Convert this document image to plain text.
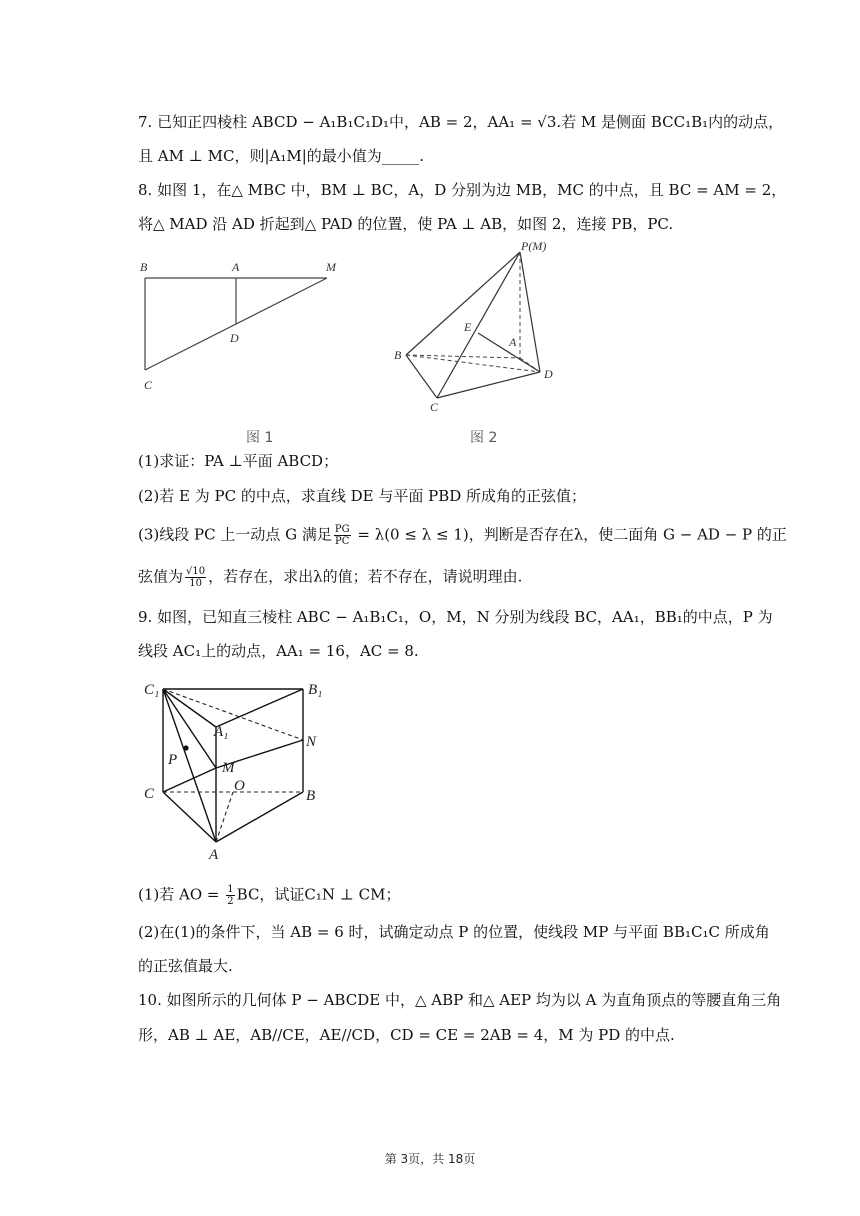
7. 已知正四棱柱 ABCD − A₁B₁C₁D₁中，AB = 2，AA₁ = √3.若 M 是侧面 BCC₁B₁内的动点，
且 AM ⊥ MC，则|A₁M|的最小值为_____.
8. 如图 1，在△ MBC 中，BM ⊥ BC，A，D 分别为边 MB，MC 的中点，且 BC = AM = 2，
将△ MAD 沿 AD 折起到△ PAD 的位置，使 PA ⊥ AB，如图 2，连接 PB，PC.
B	A	M
D
C
图 1
P(M)
E
A
B
D
C
图 2
(1)求证：PA ⊥平面 ABCD；
(2)若 E 为 PC 的中点，求直线 DE 与平面 PBD 所成角的正弦值；
(3)线段 PC 上一动点 G 满足 $\frac{PG}{PC} = \lambda(0 \le \lambda \le 1)$，判断是否存在λ，使二面角 G − AD − P 的正
弦值为 $\frac{√10}{10}$ ，若存在，求出λ的值；若不存在，请说明理由.
9. 如图，已知直三棱柱 ABC − A₁B₁C₁，O，M，N 分别为线段 BC，AA₁，BB₁的中点，P 为
线段 AC₁上的动点，AA₁ = 16，AC = 8.
C₁	B₁
A₁
N
P	M
O
C	B
A
(1)若 AO = $\frac{1}{2}$ BC，试证C₁N ⊥ CM；
(2)在(1)的条件下，当 AB = 6 时，试确定动点 P 的位置，使线段 MP 与平面 BB₁C₁C 所成角
的正弦值最大.
10. 如图所示的几何体 P − ABCDE 中，△ ABP 和△ AEP 均为以 A 为直角顶点的等腰直角三角
形，AB ⊥ AE，AB//CE，AE//CD，CD = CE = 2AB = 4，M 为 PD 的中点.
第 3页，共 18页
